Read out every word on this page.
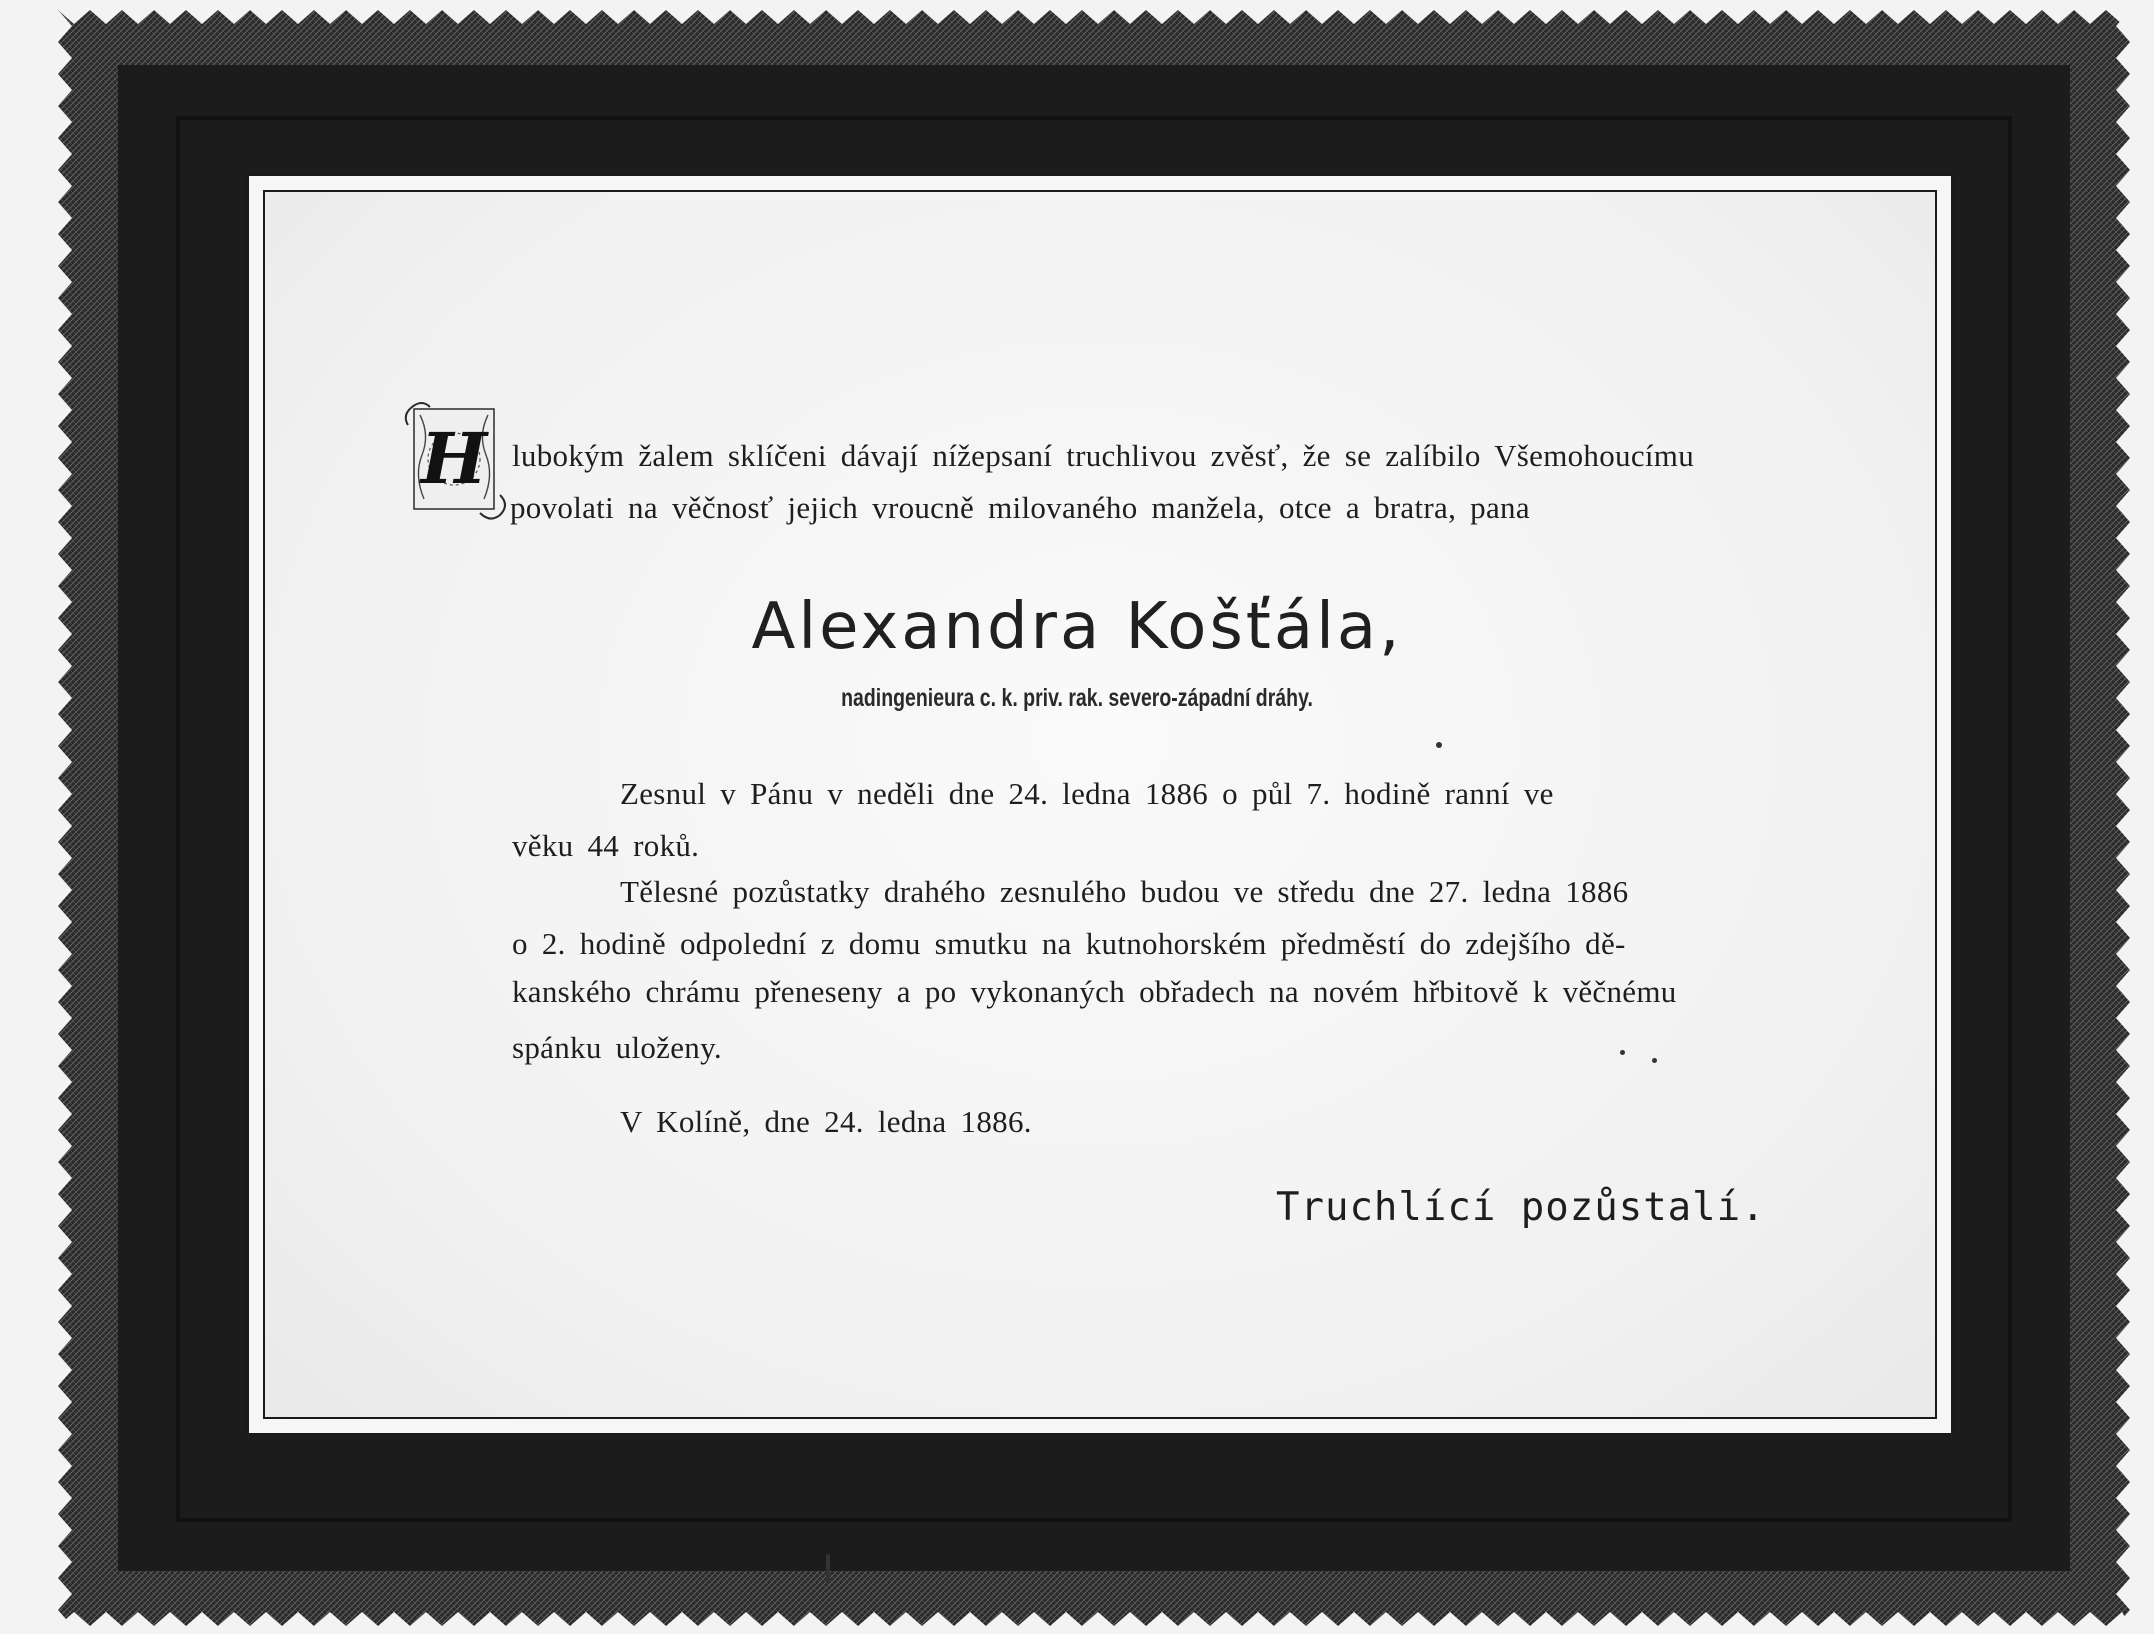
H lubokým žalem sklíčeni dávají nížepsaní truchlivou zvěsť, že se zalíbilo Všemohoucímu
povolati na věčnosť jejich vroucně milovaného manžela, otce a bratra, pana
Alexandra Košťála,
nadingenieura c. k. priv. rak. severo-západní dráhy.
Zesnul v Pánu v neděli dne 24. ledna 1886 o půl 7. hodině ranní ve
věku 44 roků.
Tělesné pozůstatky drahého zesnulého budou ve středu dne 27. ledna 1886
o 2. hodině odpolední z domu smutku na kutnohorském předměstí do zdejšího dě-
kanského chrámu přeneseny a po vykonaných obřadech na novém hřbitově k věčnému
spánku uloženy.
V Kolíně, dne 24. ledna 1886.
Truchlící pozůstalí.
